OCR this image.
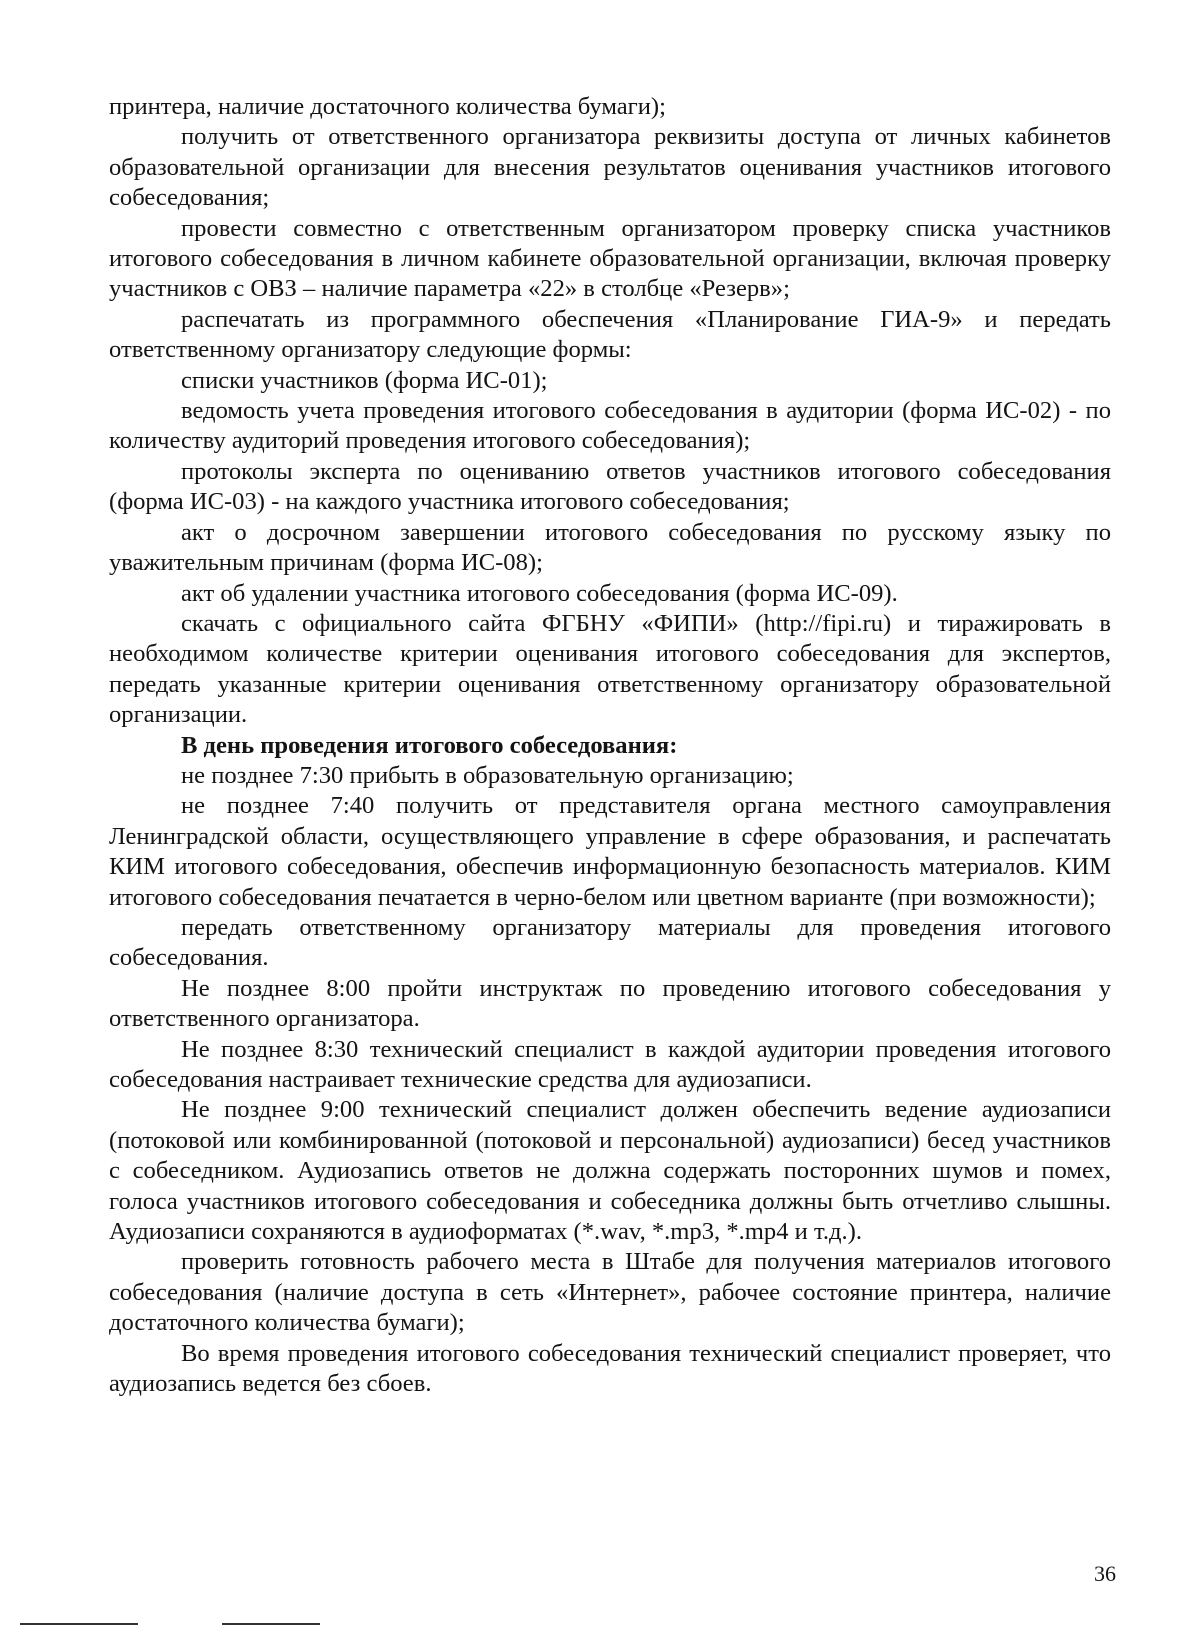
принтера, наличие достаточного количества бумаги);

получить от ответственного организатора реквизиты доступа от личных кабинетов образовательной организации для внесения результатов оценивания участников итогового собеседования;

провести совместно с ответственным организатором проверку списка участников итогового собеседования в личном кабинете образовательной организации, включая проверку участников с ОВЗ – наличие параметра «22» в столбце «Резерв»;

распечатать из программного обеспечения «Планирование ГИА-9» и передать ответственному организатору следующие формы:

списки участников (форма ИС-01);

ведомость учета проведения итогового собеседования в аудитории (форма ИС-02) - по количеству аудиторий проведения итогового собеседования);

протоколы эксперта по оцениванию ответов участников итогового собеседования (форма ИС-03) - на каждого участника итогового собеседования;

акт о досрочном завершении итогового собеседования по русскому языку по уважительным причинам (форма ИС-08);

акт об удалении участника итогового собеседования (форма ИС-09).

скачать с официального сайта ФГБНУ «ФИПИ» (http://fipi.ru) и тиражировать в необходимом количестве критерии оценивания итогового собеседования для экспертов, передать указанные критерии оценивания ответственному организатору образовательной организации.

В день проведения итогового собеседования:

не позднее 7:30 прибыть в образовательную организацию;

не позднее 7:40 получить от представителя органа местного самоуправления Ленинградской области, осуществляющего управление в сфере образования, и распечатать КИМ итогового собеседования, обеспечив информационную безопасность материалов. КИМ итогового собеседования печатается в черно-белом или цветном варианте (при возможности);

передать ответственному организатору материалы для проведения итогового собеседования.

Не позднее 8:00 пройти инструктаж по проведению итогового собеседования у ответственного организатора.

Не позднее 8:30 технический специалист в каждой аудитории проведения итогового собеседования настраивает технические средства для аудиозаписи.

Не позднее 9:00 технический специалист должен обеспечить ведение аудиозаписи (потоковой или комбинированной (потоковой и персональной) аудиозаписи) бесед участников с собеседником. Аудиозапись ответов не должна содержать посторонних шумов и помех, голоса участников итогового собеседования и собеседника должны быть отчетливо слышны. Аудиозаписи сохраняются в аудиоформатах (*.wav, *.mp3, *.mp4 и т.д.).

проверить готовность рабочего места в Штабе для получения материалов итогового собеседования (наличие доступа в сеть «Интернет», рабочее состояние принтера, наличие достаточного количества бумаги);

Во время проведения итогового собеседования технический специалист проверяет, что аудиозапись ведется без сбоев.

36
